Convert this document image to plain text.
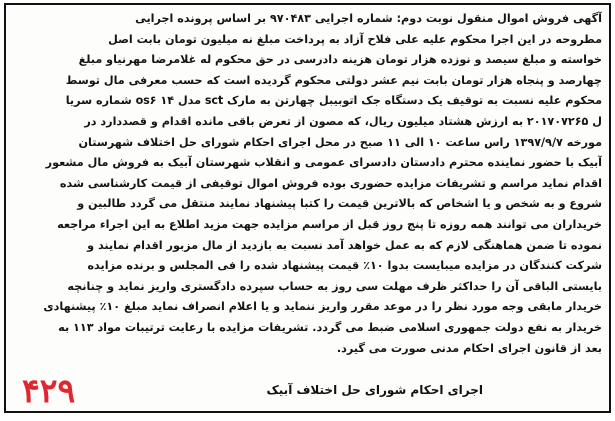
آگهی فروش اموال منقول نوبت دوم: شماره اجرایی ۹۷۰۴۸۳ بر اساس پرونده اجرایی
مطروحه در این اجرا محکوم علیه علی فلاح آزاد به پرداخت مبلغ نه میلیون تومان بابت اصل
خواسته و مبلغ سیصد و نوزده هزار تومان هزینه دادرسی در حق محکوم له غلامرضا مهرنیاو مبلغ
چهارصد و پنجاه هزار تومان بابت نیم عشر دولتی محکوم گردیده است که حسب معرفی مال توسط
محکوم علیه نسبت به توقیف یک دستگاه جک اتوبیبل چهارتن به مارک sct مدل ۱۴ os۶ شماره سریا
ل ۲۰۱۷۰۷۲۶۵ به ارزش هشتاد میلیون ریال، که مصون از تعرض باقی مانده اقدام و قصددارد در
مورخه ۱۳۹۷/۹/۷ راس ساعت ۱۰ الی ۱۱ صبح در محل اجرای احکام شورای حل اختلاف شهرستان
آبیک با حضور نماینده محترم دادستان دادسرای عمومی و انقلاب شهرستان آبیک به فروش مال مشعور
اقدام نماید مراسم و تشریفات مزایده حضوری بوده فروش اموال توقیفی از قیمت کارشناسی شده
شروع و به شخص و یا اشخاص که بالاترین قیمت را کتبا پیشنهاد نمایند منتقل می گردد طالبین و
خریداران می توانند همه روزه تا پنج روز قبل از مراسم مزایده جهت مزید اطلاع به این اجراء مراجعه
نموده تا ضمن هماهنگی لازم که به عمل خواهد آمد نسبت به بازدید از مال مزبور اقدام نمایند و
شرکت کنندگان در مزایده میبایست بدوا ۱۰٪ قیمت پیشنهاد شده را فی المجلس و برنده مزایده
بایستی الباقی آن را حداکثر ظرف مهلت سی روز به حساب سپرده دادگستری واریز نماید و چنانچه
خریدار مابقی وجه مورد نظر را در موعد مقرر واریز ننماید و یا اعلام انصراف نماید مبلغ ۱۰٪ پیشنهادی
خریدار به نفع دولت جمهوری اسلامی ضبط می گردد. تشریفات مزایده با رعایت ترتیبات مواد ۱۱۳ به
بعد از قانون اجرای احکام مدنی صورت می گیرد.
اجرای احکام شورای حل اختلاف آبیک
۴۲۹
